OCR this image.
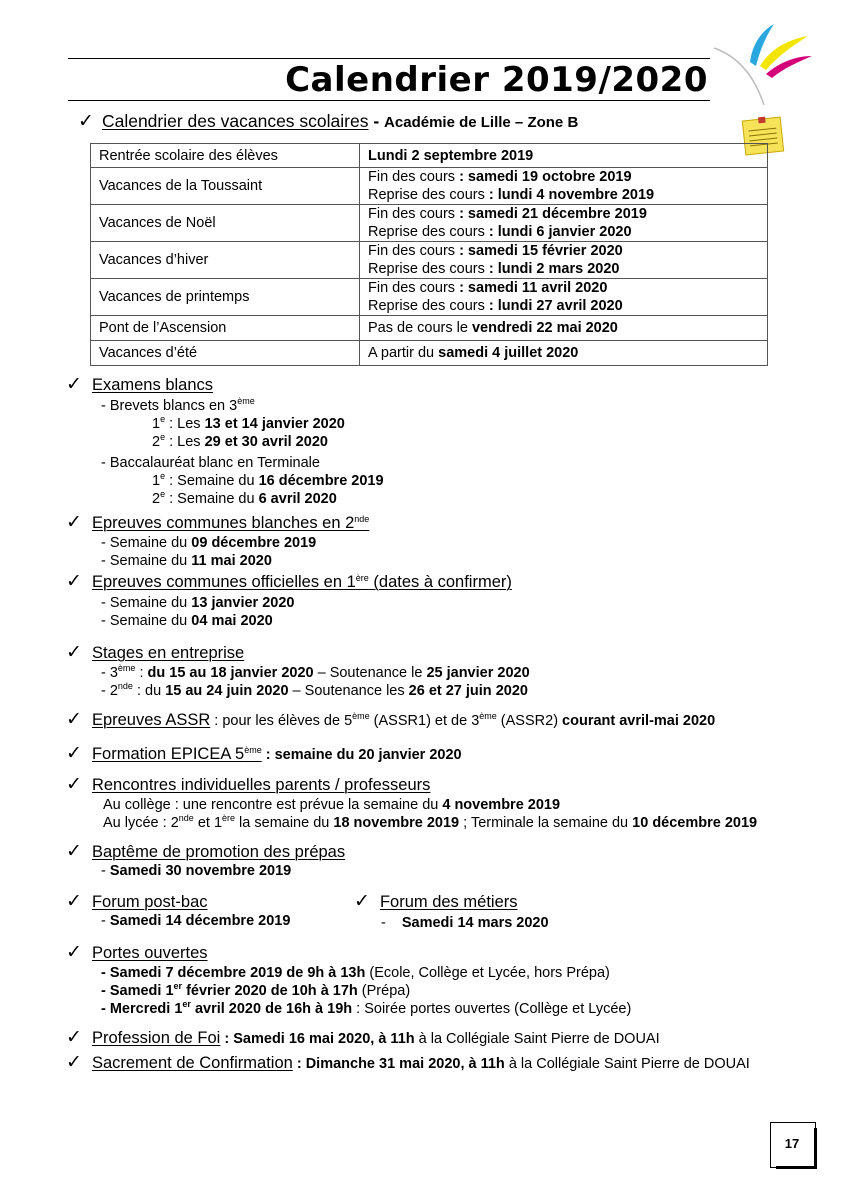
Calendrier 2019/2020
✓ Calendrier des vacances scolaires - Académie de Lille – Zone B
Rentrée scolaire des élèves	Lundi 2 septembre 2019
Vacances de la Toussaint	Fin des cours : samedi 19 octobre 2019
Reprise des cours : lundi 4 novembre 2019
Vacances de Noël	Fin des cours : samedi 21 décembre 2019
Reprise des cours : lundi 6 janvier 2020
Vacances d’hiver	Fin des cours : samedi 15 février 2020
Reprise des cours : lundi 2 mars 2020
Vacances de printemps	Fin des cours : samedi 11 avril 2020
Reprise des cours : lundi 27 avril 2020
Pont de l’Ascension	Pas de cours le vendredi 22 mai 2020
Vacances d’été	A partir du samedi 4 juillet 2020
✓ Examens blancs
- Brevets blancs en 3ème
1e : Les 13 et 14 janvier 2020
2e : Les 29 et 30 avril 2020
- Baccalauréat blanc en Terminale
1e : Semaine du 16 décembre 2019
2e : Semaine du 6 avril 2020
✓ Epreuves communes blanches en 2nde
- Semaine du 09 décembre 2019
- Semaine du 11 mai 2020
✓ Epreuves communes officielles en 1ère (dates à confirmer)
- Semaine du 13 janvier 2020
- Semaine du 04 mai 2020
✓ Stages en entreprise
- 3ème : du 15 au 18 janvier 2020 – Soutenance le 25 janvier 2020
- 2nde : du 15 au 24 juin 2020 – Soutenance les 26 et 27 juin 2020
✓ Epreuves ASSR : pour les élèves de 5ème (ASSR1) et de 3ème (ASSR2) courant avril-mai 2020
✓ Formation EPICEA 5ème : semaine du 20 janvier 2020
✓ Rencontres individuelles parents / professeurs
Au collège : une rencontre est prévue la semaine du 4 novembre 2019
Au lycée : 2nde et 1ère la semaine du 18 novembre 2019 ; Terminale la semaine du 10 décembre 2019
✓ Baptême de promotion des prépas
- Samedi 30 novembre 2019
✓ Forum post-bac
- Samedi 14 décembre 2019
✓ Forum des métiers
- Samedi 14 mars 2020
✓ Portes ouvertes
- Samedi 7 décembre 2019 de 9h à 13h (Ecole, Collège et Lycée, hors Prépa)
- Samedi 1er février 2020 de 10h à 17h (Prépa)
- Mercredi 1er avril 2020 de 16h à 19h : Soirée portes ouvertes (Collège et Lycée)
✓ Profession de Foi : Samedi 16 mai 2020, à 11h à la Collégiale Saint Pierre de DOUAI
✓ Sacrement de Confirmation : Dimanche 31 mai 2020, à 11h à la Collégiale Saint Pierre de DOUAI
17
